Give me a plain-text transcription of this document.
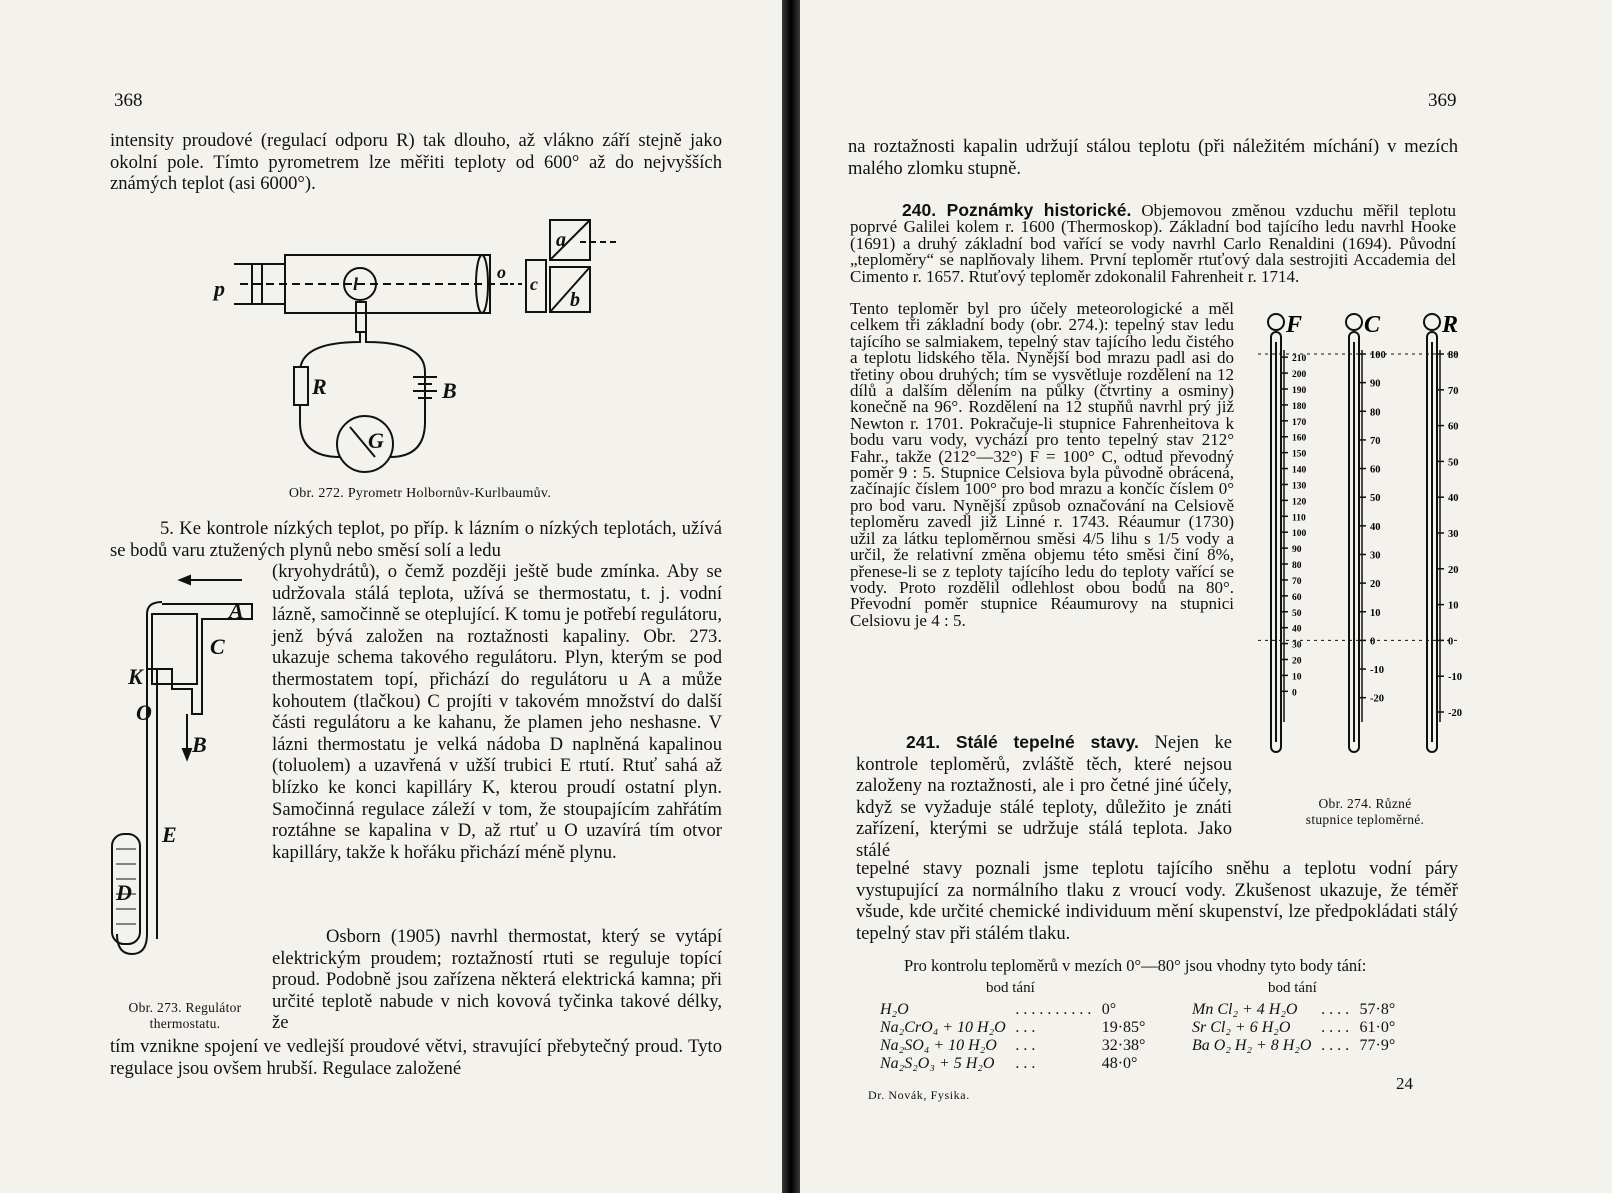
368
intensity proudové (regulací odporu R) tak dlouho, až vlákno září stejně jako okolní pole. Tímto pyrometrem lze měřiti teploty od 600° až do nejvyšších známých teplot (asi 6000°).
p	l
o
c
a
b
R	B
G
Obr. 272. Pyrometr Holbornův-Kurlbaumův.
5. Ke kontrole nízkých teplot, po příp. k lázním o nízkých teplotách, užívá se bodů varu ztužených plynů nebo směsí solí a ledu
A
C
K
O
B
E
D
Obr. 273. Regulátor
thermostatu.
(kryohydrátů), o čemž později ještě bude zmínka. Aby se udržovala stálá teplota, užívá se thermostatu, t. j. vodní lázně, samočinně se oteplující. K tomu je potřebí regulátoru, jenž bývá založen na roztažnosti kapaliny. Obr. 273. ukazuje schema takového regulátoru. Plyn, kterým se pod thermostatem topí, přichází do regulátoru u A a může kohoutem (tlačkou) C projíti v takovém množství do další části regulátoru a ke kahanu, že plamen jeho neshasne. V lázni thermostatu je velká nádoba D naplněná kapalinou (toluolem) a uzavřená v užší trubici E rtutí. Rtuť sahá až blízko ke konci kapilláry K, kterou proudí ostatní plyn. Samočinná regulace záleží v tom, že stoupajícím zahřátím roztáhne se kapalina v D, až rtuť u O uzavírá tím otvor kapilláry, takže k hořáku přichází méně plynu.
Osborn (1905) navrhl thermostat, který se vytápí elektrickým proudem; roztažností rtuti se reguluje topící proud. Podobně jsou zařízena některá elektrická kamna; při určité teplotě nabude v nich kovová tyčinka takové délky, že
tím vznikne spojení ve vedlejší proudové větvi, stravující přebytečný proud. Tyto regulace jsou ovšem hrubší. Regulace založené
369
na roztažnosti kapalin udržují stálou teplotu (při náležitém míchání) v mezích malého zlomku stupně.
240. Poznámky historické. Objemovou změnou vzduchu měřil teplotu poprvé Galilei kolem r. 1600 (Thermoskop). Základní bod tajícího ledu navrhl Hooke (1691) a druhý základní bod vařící se vody navrhl Carlo Renaldini (1694). Původní „teploměry“ se naplňovaly lihem. První teploměr rtuťový dala sestrojiti Accademia del Cimento r. 1657. Rtuťový teploměr zdokonalil Fahrenheit r. 1714.
Tento teploměr byl pro účely meteorologické a měl celkem tři základní body (obr. 274.): tepelný stav ledu tajícího se salmiakem, tepelný stav tajícího ledu čistého a teplotu lidského těla. Nynější bod mrazu padl asi do třetiny obou druhých; tím se vysvětluje rozdělení na 12 dílů a dalším dělením na půlky (čtvrtiny a osminy) konečně na 96°. Rozdělení na 12 stupňů navrhl prý již Newton r. 1701. Pokračuje-li stupnice Fahrenheitova k bodu varu vody, vychází pro tento tepelný stav 212° Fahr., takže (212°—32°) F = 100° C, odtud převodný poměr 9 : 5. Stupnice Celsiova byla původně obrácená, začínajíc číslem 100° pro bod mrazu a končíc číslem 0° pro bod varu. Nynější způsob označování na Celsiově teploměru zavedl již Linné r. 1743. Réaumur (1730) užil za látku teploměrnou směsi 4/5 lihu s 1/5 vody a určil, že relativní změna objemu této směsi činí 8%, přenese-li se z teploty tajícího ledu do teploty vařící se vody. Proto rozdělil odlehlost obou bodů na 80°. Převodní poměr stupnice Réaumurovy na stupnici Celsiovu je 4 : 5.
F
210
200
190
180
170
160
150
140
130
120
110
100
90
80
70
60
50
40
30
20
10
0
C
100
90
80
70
60
50
40
30
20
10
0
-10
-20
R
80
70
60
50
40
30
20
10
0
-10
-20
Obr. 274. Různé
stupnice teploměrné.
241. Stálé tepelné stavy. Nejen ke kontrole teploměrů, zvláště těch, které nejsou založeny na roztažnosti, ale i pro četné jiné účely, když se vyžaduje stálé teploty, důležito je znáti zařízení, kterými se udržuje stálá teplota. Jako stálé
tepelné stavy poznali jsme teplotu tajícího sněhu a teplotu vodní páry vystupující za normálního tlaku z vroucí vody. Zkušenost ukazuje, že téměř všude, kde určité chemické individuum mění skupenství, lze předpokládati stálý tepelný stav při stálém tlaku.
Pro kontrolu teploměrů v mezích 0°—80° jsou vhodny tyto body tání:
bod tání	bod tání
H₂O	. . . . . . . . . .	0°
Na₂CrO₄ + 10 H₂O	. . .	19·85°
Na₂SO₄ + 10 H₂O	. . .	32·38°
Na₂S₂O₃ + 5 H₂O	. . .	48·0°
Mn Cl₂ + 4 H₂O	. . . .	57·8°
Sr Cl₂ + 6 H₂O	. . . .	61·0°
Ba O₂ H₂ + 8 H₂O	. . . .	77·9°
Dr. Novák, Fysika.
24
